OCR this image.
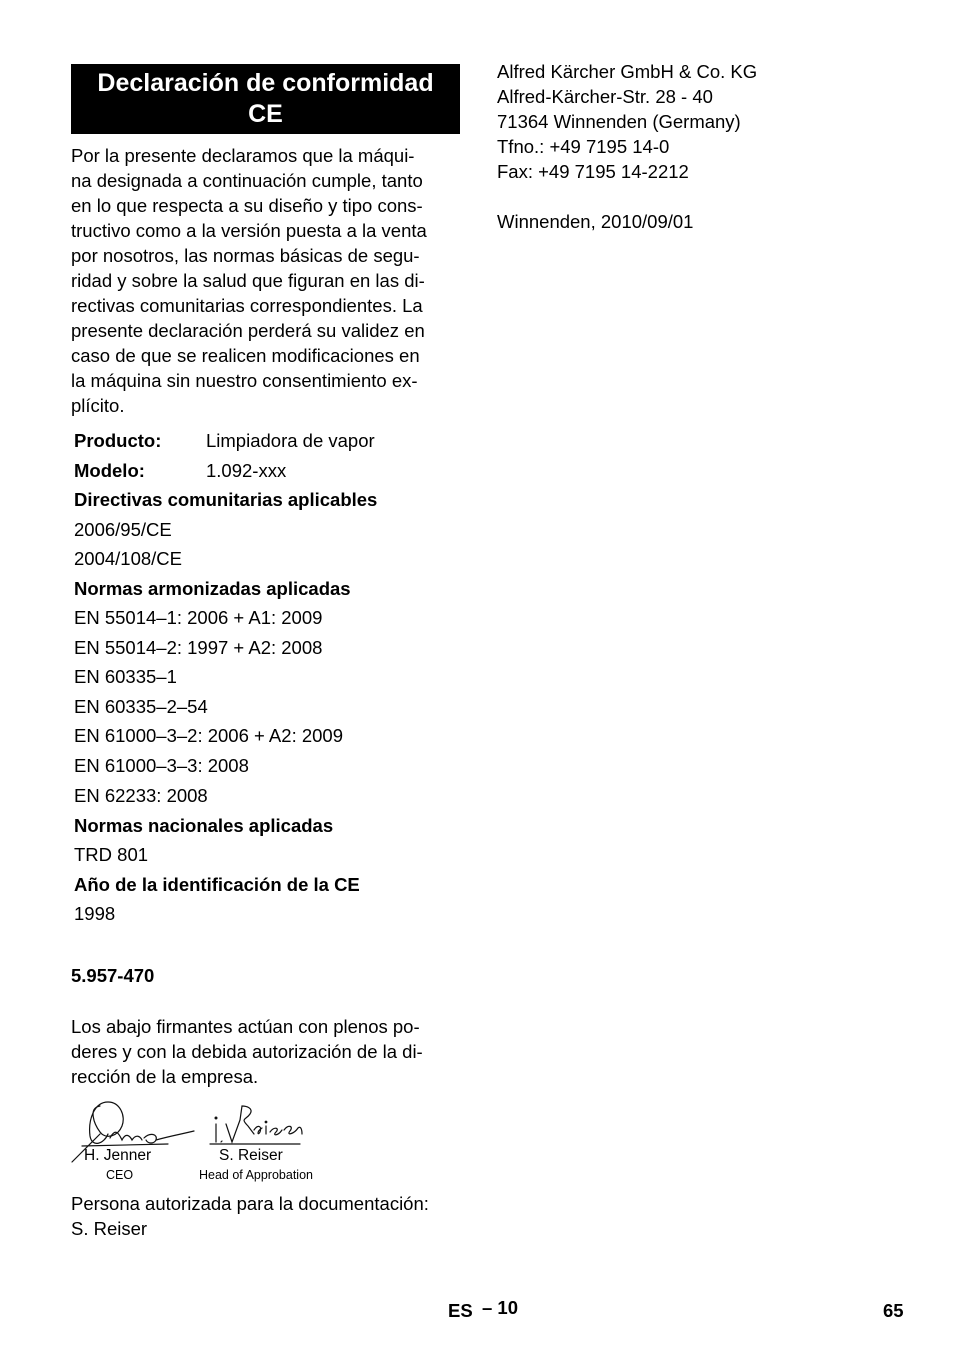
Declaración de conformidad
CE
Por la presente declaramos que la máqui-
na designada a continuación cumple, tanto
en lo que respecta a su diseño y tipo cons-
tructivo como a la versión puesta a la venta
por nosotros, las normas básicas de segu-
ridad y sobre la salud que figuran en las di-
rectivas comunitarias correspondientes. La
presente declaración perderá su validez en
caso de que se realicen modificaciones en
la máquina sin nuestro consentimiento ex-
plícito.
Producto: Limpiadora de vapor
Modelo:	1.092-xxx
Directivas comunitarias aplicables
2006/95/CE
2004/108/CE
Normas armonizadas aplicadas
EN 55014–1: 2006 + A1: 2009
EN 55014–2: 1997 + A2: 2008
EN 60335–1
EN 60335–2–54
EN 61000–3–2: 2006 + A2: 2009
EN 61000–3–3: 2008
EN 62233: 2008
Normas nacionales aplicadas
TRD 801
Año de la identificación de la CE
1998
5.957-470
Los abajo firmantes actúan con plenos po-
deres y con la debida autorización de la di-
rección de la empresa.
H. Jenner
CEO
S. Reiser
Head of Approbation
Persona autorizada para la documentación:
S. Reiser
Alfred Kärcher GmbH & Co. KG
Alfred-Kärcher-Str. 28 - 40
71364 Winnenden (Germany)
Tfno.: +49 7195 14-0
Fax: +49 7195 14-2212
Winnenden, 2010/09/01
ES – 10	65
